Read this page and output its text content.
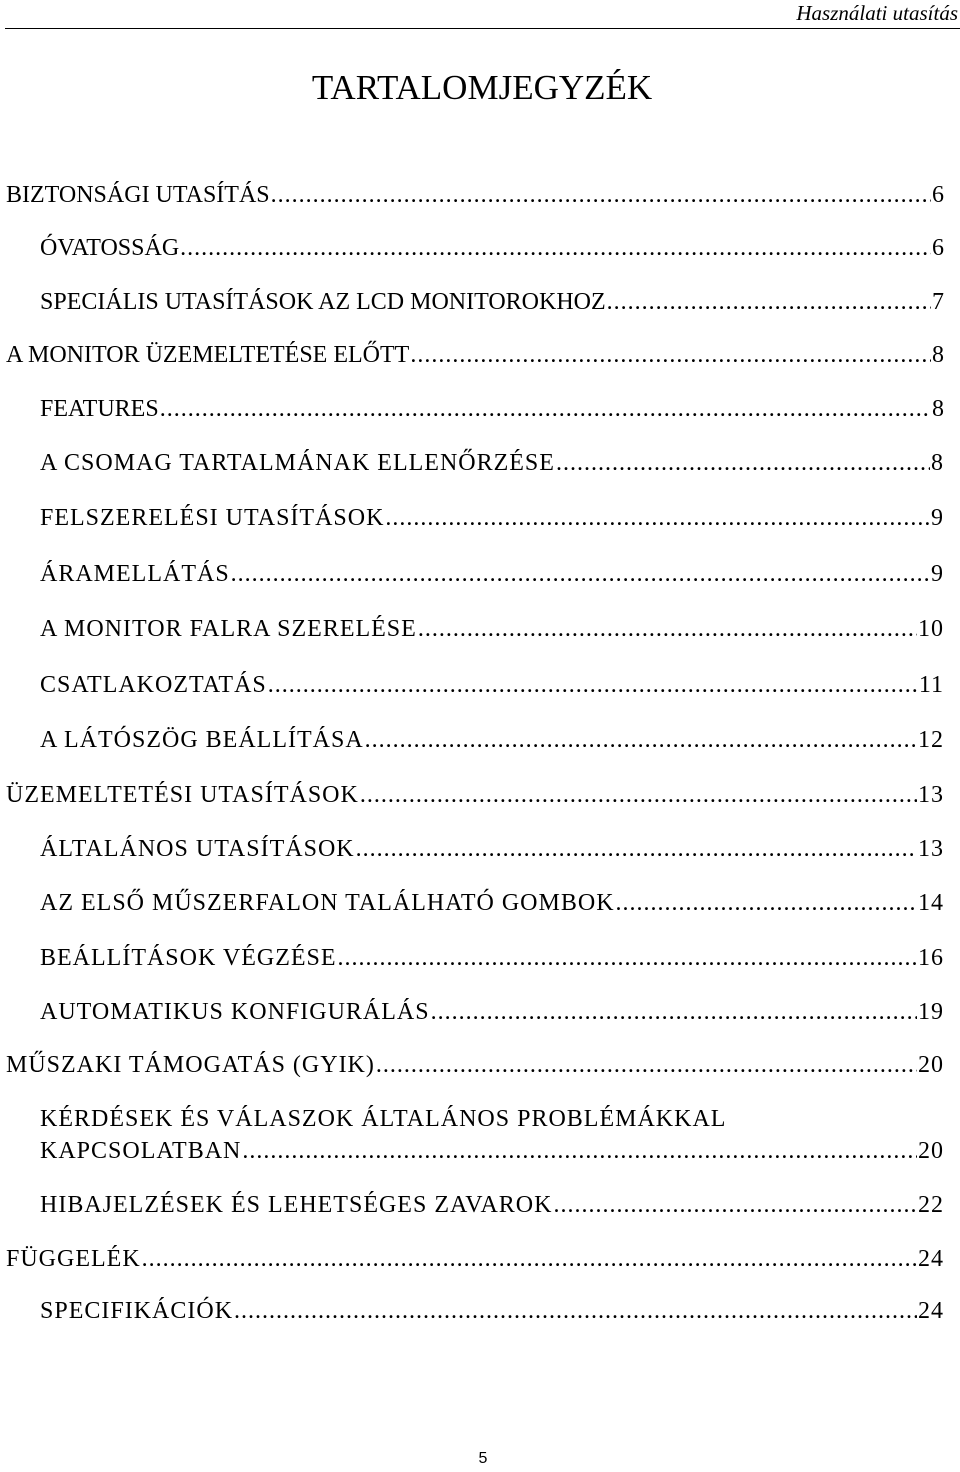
Használati utasítás
TARTALOMJEGYZÉK
BIZTONSÁGI UTASÍTÁS .....	6
ÓVATOSSÁG .....	6
SPECIÁLIS UTASÍTÁSOK AZ LCD MONITOROKHOZ .....	7
A MONITOR ÜZEMELTETÉSE ELŐTT .....	8
FEATURES .....	8
A CSOMAG TARTALMÁNAK ELLENŐRZÉSE .....	8
FELSZERELÉSI UTASÍTÁSOK .....	9
ÁRAMELLÁTÁS .....	9
A MONITOR FALRA SZERELÉSE .....	10
CSATLAKOZTATÁS .....	11
A LÁTÓSZÖG BEÁLLÍTÁSA .....	12
ÜZEMELTETÉSI UTASÍTÁSOK .....	13
ÁLTALÁNOS UTASÍTÁSOK .....	13
AZ ELSŐ MŰSZERFALON TALÁLHATÓ GOMBOK .....	14
BEÁLLÍTÁSOK VÉGZÉSE .....	16
AUTOMATIKUS KONFIGURÁLÁS .....	19
MŰSZAKI TÁMOGATÁS (GYIK) .....	20
KÉRDÉSEK ÉS VÁLASZOK ÁLTALÁNOS PROBLÉMÁKKAL
KAPCSOLATBAN .....	20
HIBAJELZÉSEK ÉS LEHETSÉGES ZAVAROK .....	22
FÜGGELÉK .....	24
SPECIFIKÁCIÓK .....	24
5
